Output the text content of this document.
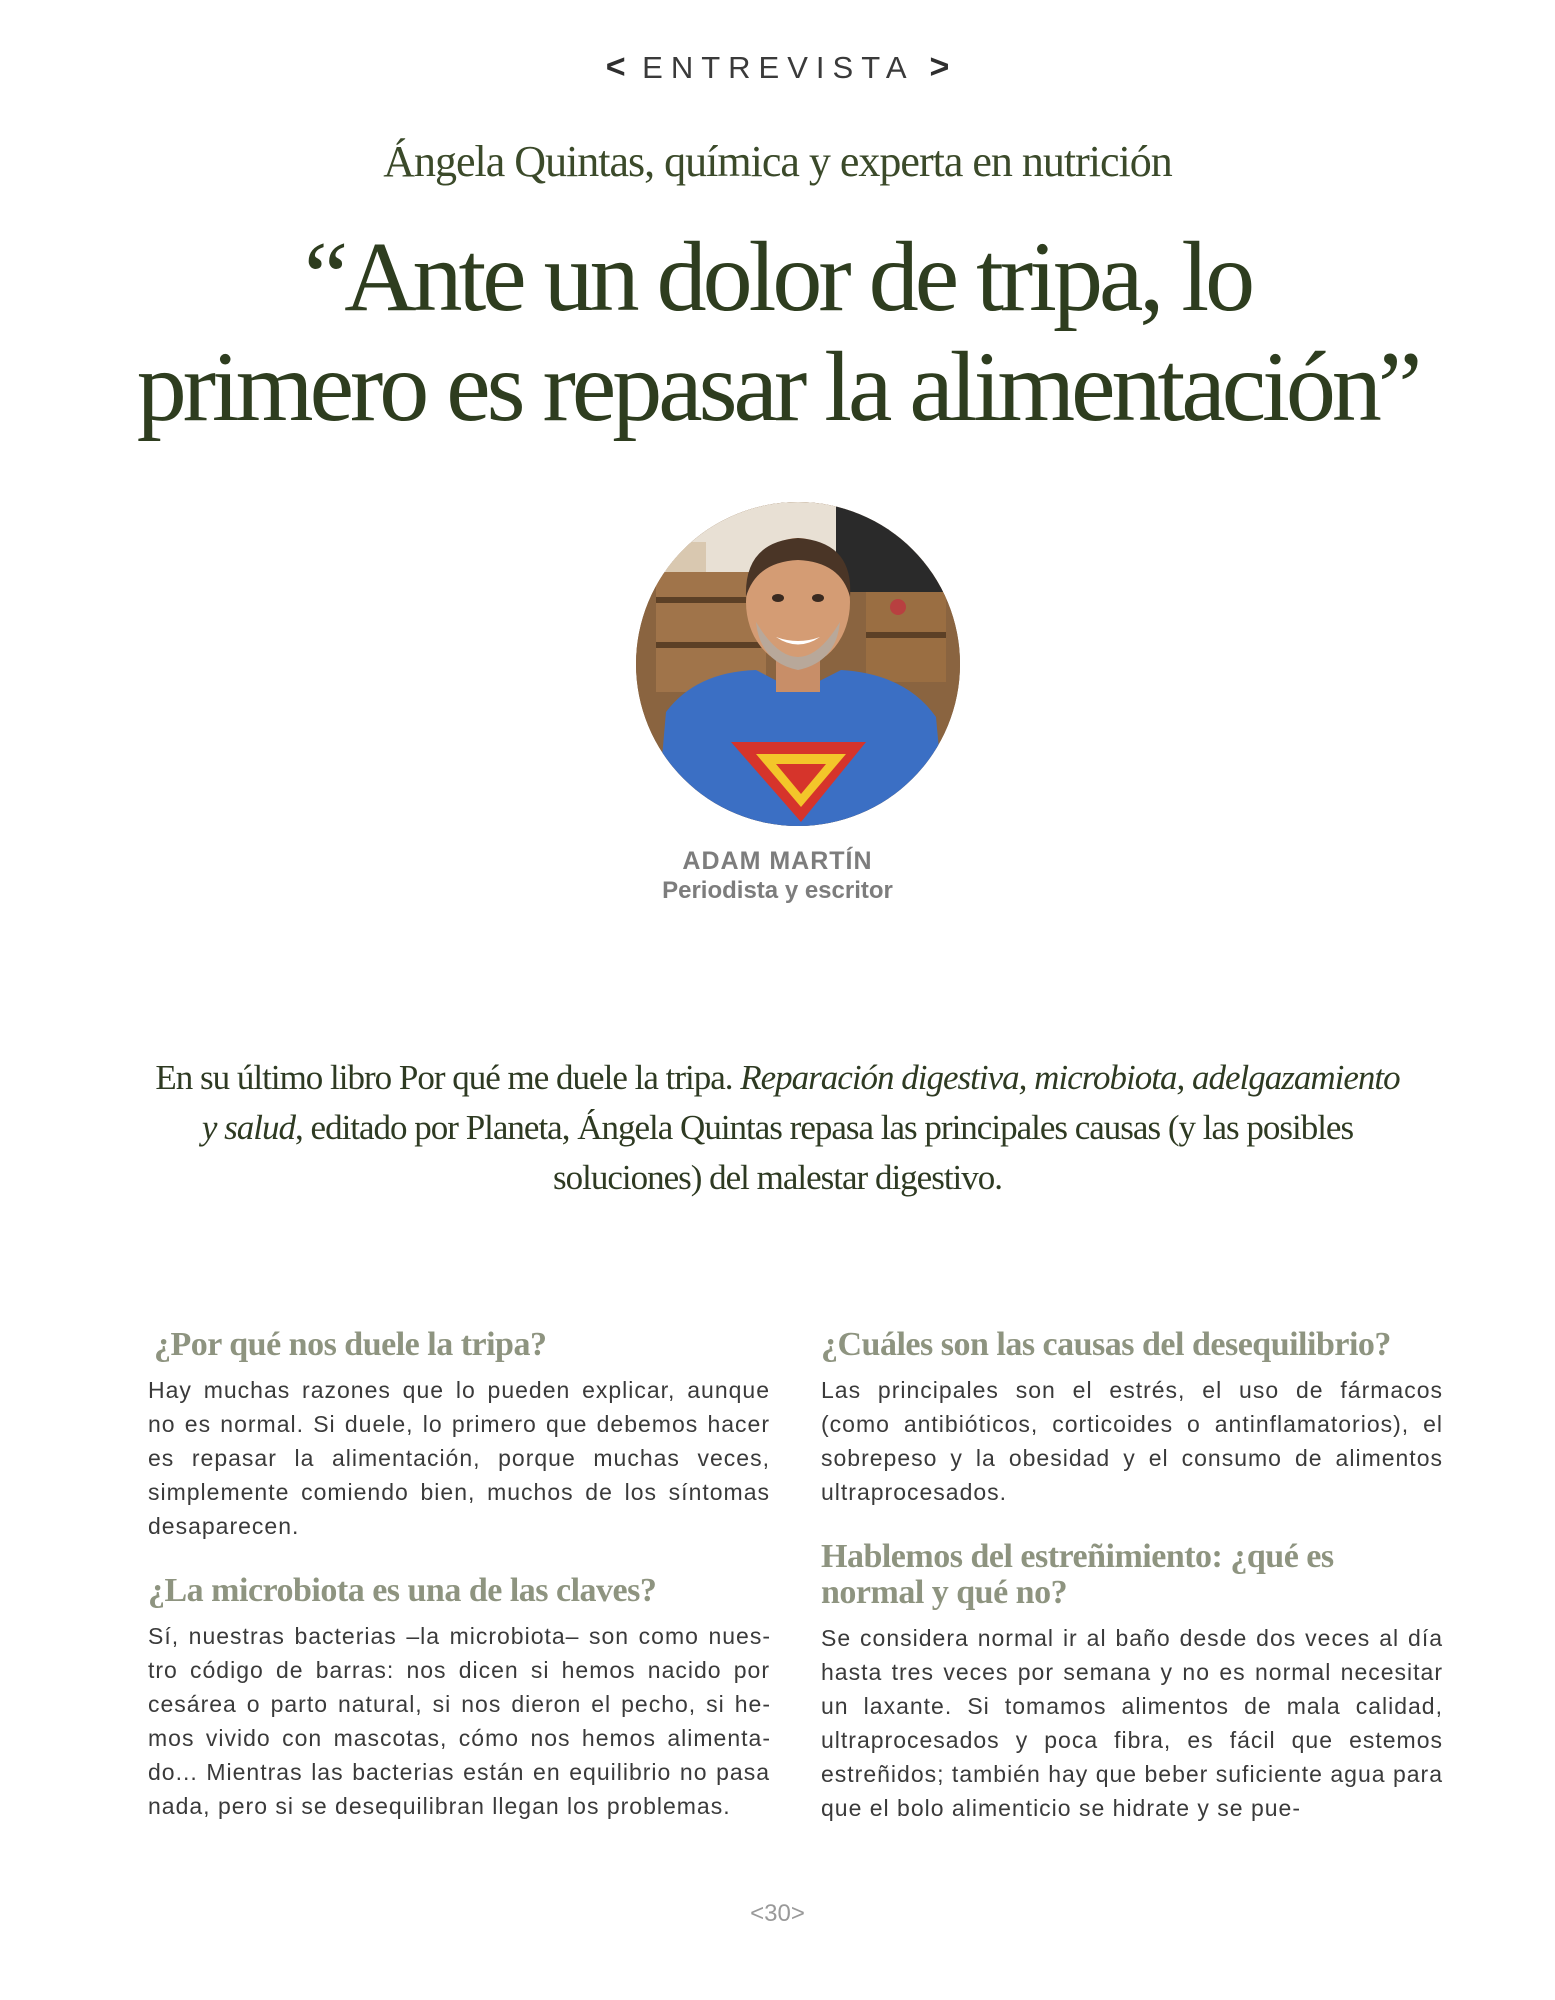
< ENTREVISTA >
Ángela Quintas, química y experta en nutrición
“Ante un dolor de tripa, lo
primero es repasar la alimentación”
ADAM MARTÍN
Periodista y escritor

En su último libro Por qué me duele la tripa. Reparación digestiva, microbiota, adelgazamiento y salud, editado por Planeta, Ángela Quintas repasa las principales causas (y las posibles soluciones) del malestar digestivo.

¿Por qué nos duele la tripa?

Hay muchas razones que lo pueden explicar, aunque no es normal. Si duele, lo primero que debemos hacer es repasar la alimentación, porque muchas veces, simplemente comiendo bien, muchos de los síntomas desaparecen.

¿La microbiota es una de las claves?

Sí, nuestras bacterias –la microbiota– son como nuestro código de barras: nos dicen si hemos nacido por cesárea o parto natural, si nos dieron el pecho, si hemos vivido con mascotas, cómo nos hemos alimentado... Mientras las bacterias están en equilibrio no pasa nada, pero si se desequilibran llegan los problemas.

¿Cuáles son las causas del desequilibrio?

Las principales son el estrés, el uso de fármacos (como antibióticos, corticoides o antinflamatorios), el sobrepeso y la obesidad y el consumo de alimentos ultraprocesados.

Hablemos del estreñimiento: ¿qué es normal y qué no?

Se considera normal ir al baño desde dos veces al día hasta tres veces por semana y no es normal necesitar un laxante. Si tomamos alimentos de mala calidad, ultraprocesados y poca fibra, es fácil que estemos estreñidos; también hay que beber suficiente agua para que el bolo alimenticio se hidrate y se pue-

<30>
